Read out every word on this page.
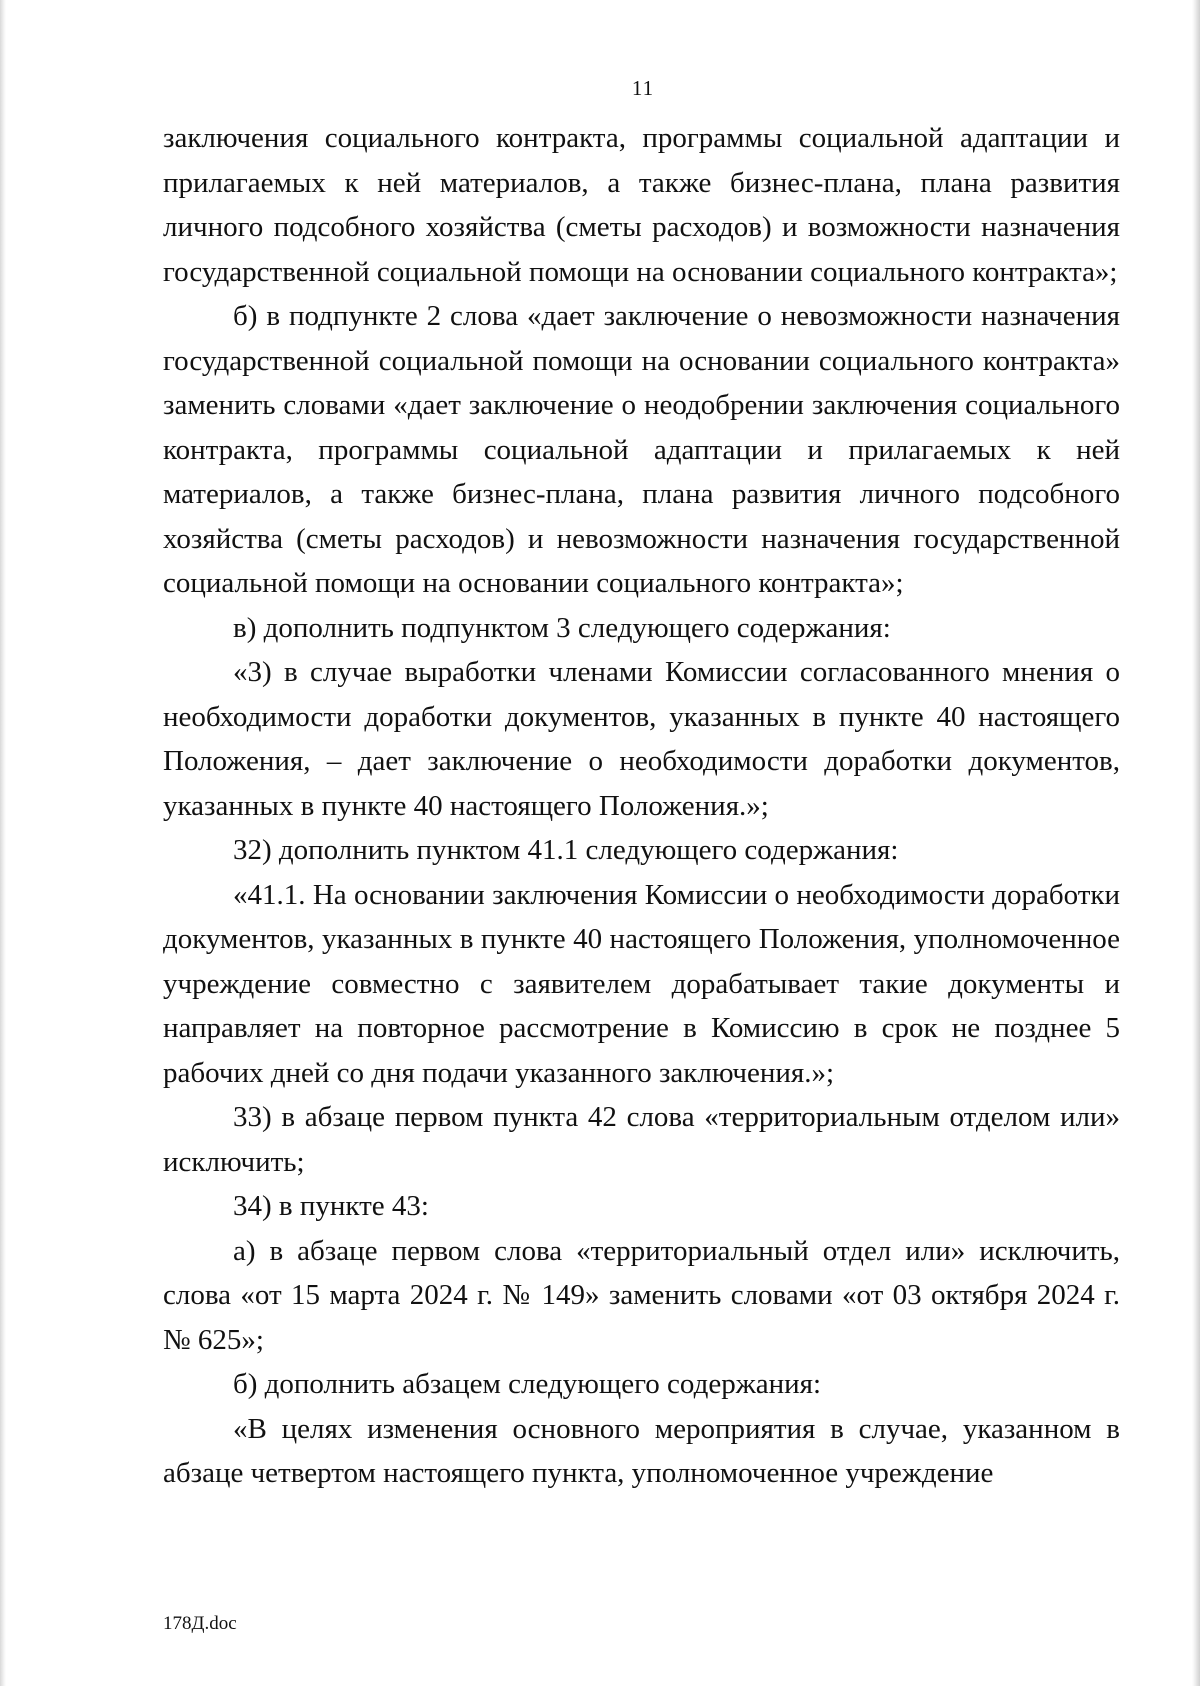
11

заключения социального контракта, программы социальной адаптации и прилагаемых к ней материалов, а также бизнес-плана, плана развития личного подсобного хозяйства (сметы расходов) и возможности назначения государственной социальной помощи на основании социального контракта»;

б) в подпункте 2 слова «дает заключение о невозможности назначения государственной социальной помощи на основании социального контракта» заменить словами «дает заключение о неодобрении заключения социального контракта, программы социальной адаптации и прилагаемых к ней материалов, а также бизнес-плана, плана развития личного подсобного хозяйства (сметы расходов) и невозможности назначения государственной социальной помощи на основании социального контракта»;

в) дополнить подпунктом 3 следующего содержания:

«3) в случае выработки членами Комиссии согласованного мнения о необходимости доработки документов, указанных в пункте 40 настоящего Положения, – дает заключение о необходимости доработки документов, указанных в пункте 40 настоящего Положения.»;

32) дополнить пунктом 41.1 следующего содержания:

«41.1. На основании заключения Комиссии о необходимости доработки документов, указанных в пункте 40 настоящего Положения, уполномоченное учреждение совместно с заявителем дорабатывает такие документы и направляет на повторное рассмотрение в Комиссию в срок не позднее 5 рабочих дней со дня подачи указанного заключения.»;

33) в абзаце первом пункта 42 слова «территориальным отделом или» исключить;

34) в пункте 43:

а) в абзаце первом слова «территориальный отдел или» исключить, слова «от 15 марта 2024 г. № 149» заменить словами «от 03 октября 2024 г. № 625»;

б) дополнить абзацем следующего содержания:

«В целях изменения основного мероприятия в случае, указанном в абзаце четвертом настоящего пункта, уполномоченное учреждение

178Д.doc
